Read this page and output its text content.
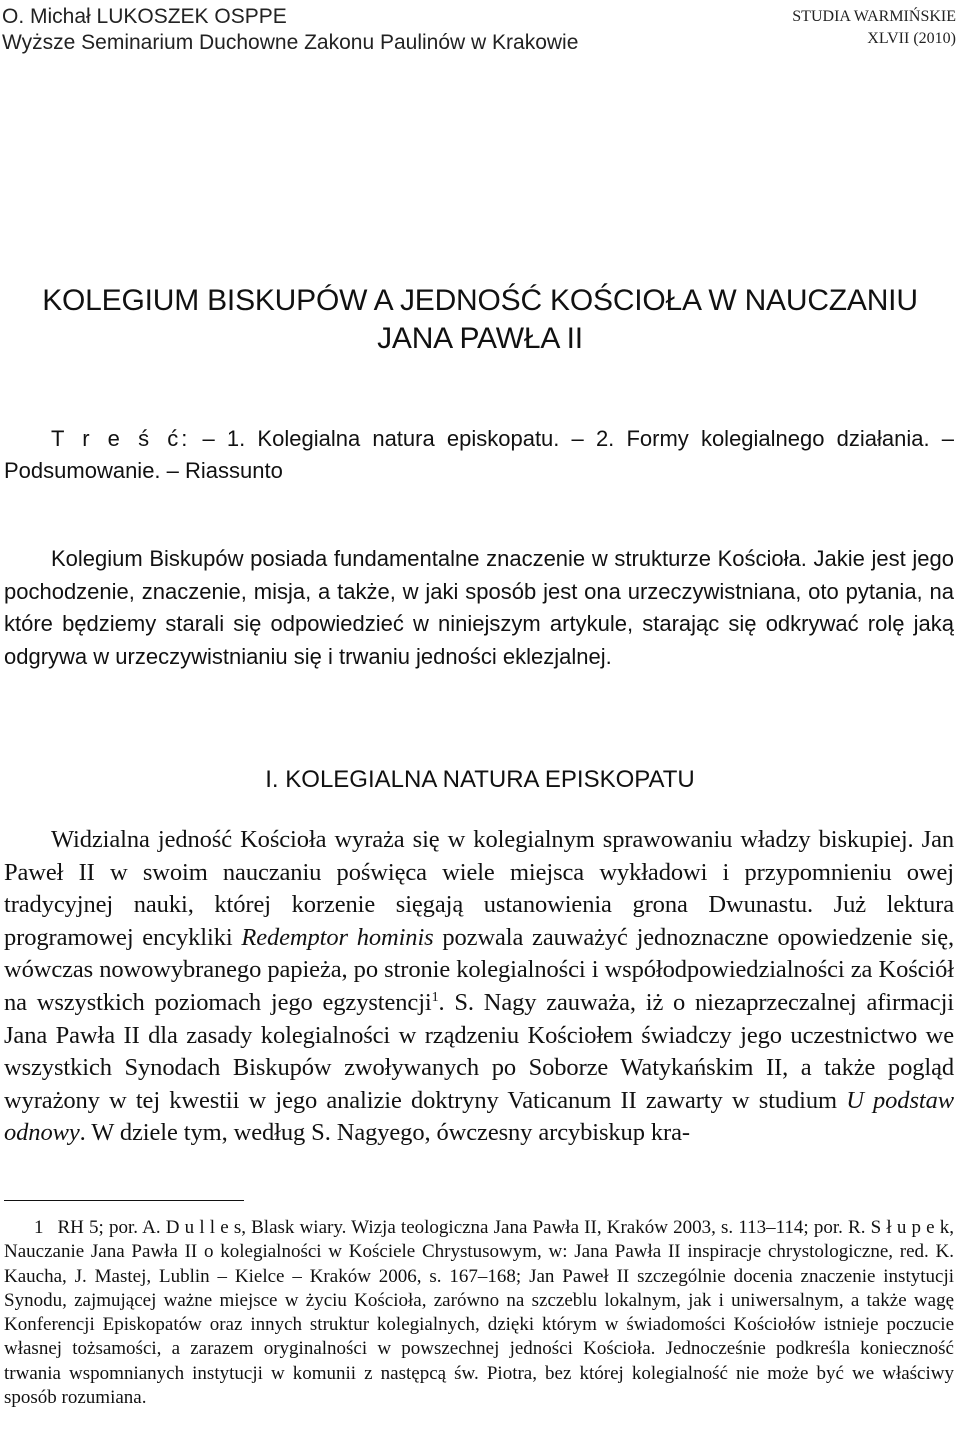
O. Michał LUKOSZEK OSPPE
Wyższe Seminarium Duchowne Zakonu Paulinów w Krakowie
STUDIA WARMIŃSKIE
XLVII (2010)
KOLEGIUM BISKUPÓW A JEDNOŚĆ KOŚCIOŁA W NAUCZANIU
JANA PAWŁA II
T r e ś ć: – 1. Kolegialna natura episkopatu. – 2. Formy kolegialnego działania. – Podsumowanie. – Riassunto
Kolegium Biskupów posiada fundamentalne znaczenie w strukturze Kościoła. Jakie jest jego pochodzenie, znaczenie, misja, a także, w jaki sposób jest ona urzeczywistniana, oto pytania, na które będziemy starali się odpowiedzieć w niniejszym artykule, starając się odkrywać rolę jaką odgrywa w urzeczywistnianiu się i trwaniu jedności eklezjalnej.
I. KOLEGIALNA NATURA EPISKOPATU
Widzialna jedność Kościoła wyraża się w kolegialnym sprawowaniu władzy biskupiej. Jan Paweł II w swoim nauczaniu poświęca wiele miejsca wykładowi i przypomnieniu owej tradycyjnej nauki, której korzenie sięgają ustanowienia grona Dwunastu. Już lektura programowej encykliki Redemptor hominis pozwala zauważyć jednoznaczne opowiedzenie się, wówczas nowowybranego papieża, po stronie kolegialności i współodpowiedzialności za Kościół na wszystkich poziomach jego egzystencji$^1$. S. Nagy zauważa, iż o niezaprzeczalnej afirmacji Jana Pawła II dla zasady kolegialności w rządzeniu Kościołem świadczy jego uczestnictwo we wszystkich Synodach Biskupów zwoływanych po Soborze Watykańskim II, a także pogląd wyrażony w tej kwestii w jego analizie doktryny Vaticanum II zawarty w studium U podstaw odnowy. W dziele tym, według S. Nagyego, ówczesny arcybiskup kra-
1 RH 5; por. A. D u l l e s, Blask wiary. Wizja teologiczna Jana Pawła II, Kraków 2003, s. 113–114; por. R. S ł u p e k, Nauczanie Jana Pawła II o kolegialności w Kościele Chrystusowym, w: Jana Pawła II inspiracje chrystologiczne, red. K. Kaucha, J. Mastej, Lublin – Kielce – Kraków 2006, s. 167–168; Jan Paweł II szczególnie docenia znaczenie instytucji Synodu, zajmującej ważne miejsce w życiu Kościoła, zarówno na szczeblu lokalnym, jak i uniwersalnym, a także wagę Konferencji Episkopatów oraz innych struktur kolegialnych, dzięki którym w świadomości Kościołów istnieje poczucie własnej tożsamości, a zarazem oryginalności w powszechnej jedności Kościoła. Jednocześnie podkreśla konieczność trwania wspomnianych instytucji w komunii z następcą św. Piotra, bez której kolegialność nie może być we właściwy sposób rozumiana.
